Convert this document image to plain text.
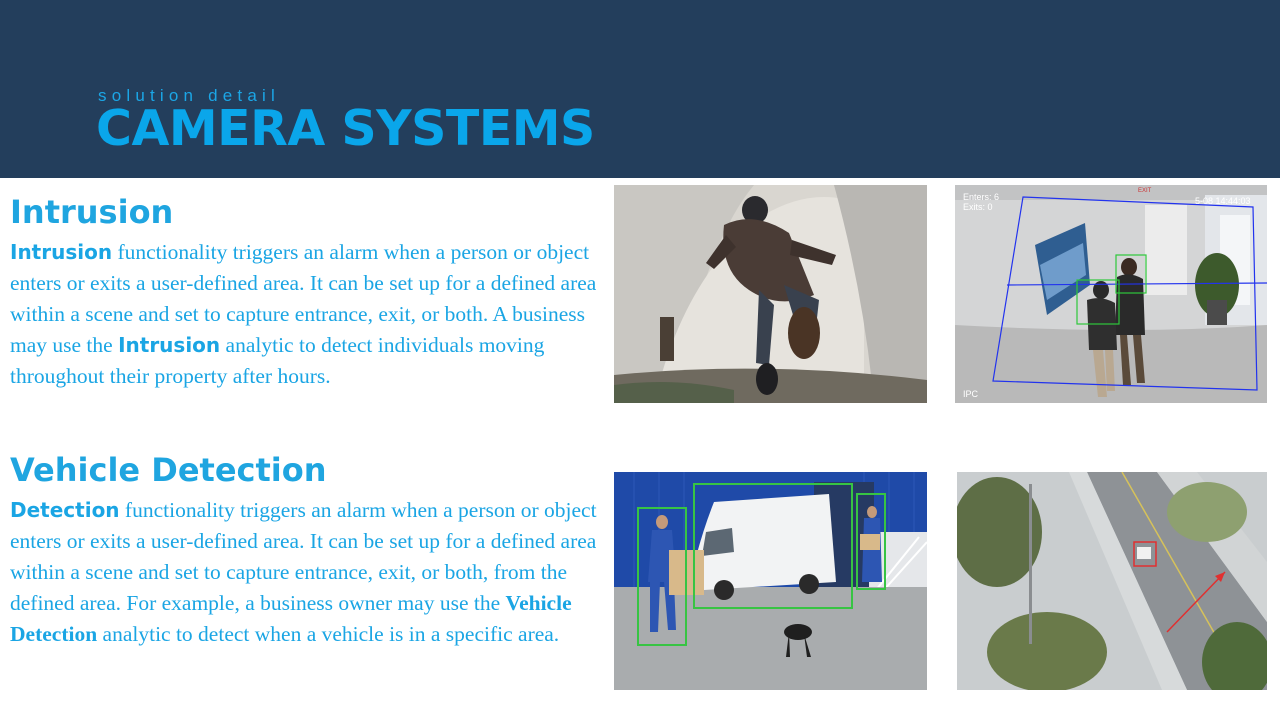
solution detail
CAMERA SYSTEMS
Intrusion
Intrusion functionality triggers an alarm when a person or object enters or exits a user-defined area. It can be set up for a defined area within a scene and set to capture entrance, exit, or both. A business may use the Intrusion analytic to detect individuals moving throughout their property after hours.
Vehicle Detection
Detection functionality triggers an alarm when a person or object enters or exits a user-defined area. It can be set up for a defined area within a scene and set to capture entrance, exit, or both, from the defined area. For example, a business owner may use the Vehicle Detection analytic to detect when a vehicle is in a specific area.
EXIT
Enters: 6
Exits: 0
5-08 14:44:03
IPC
